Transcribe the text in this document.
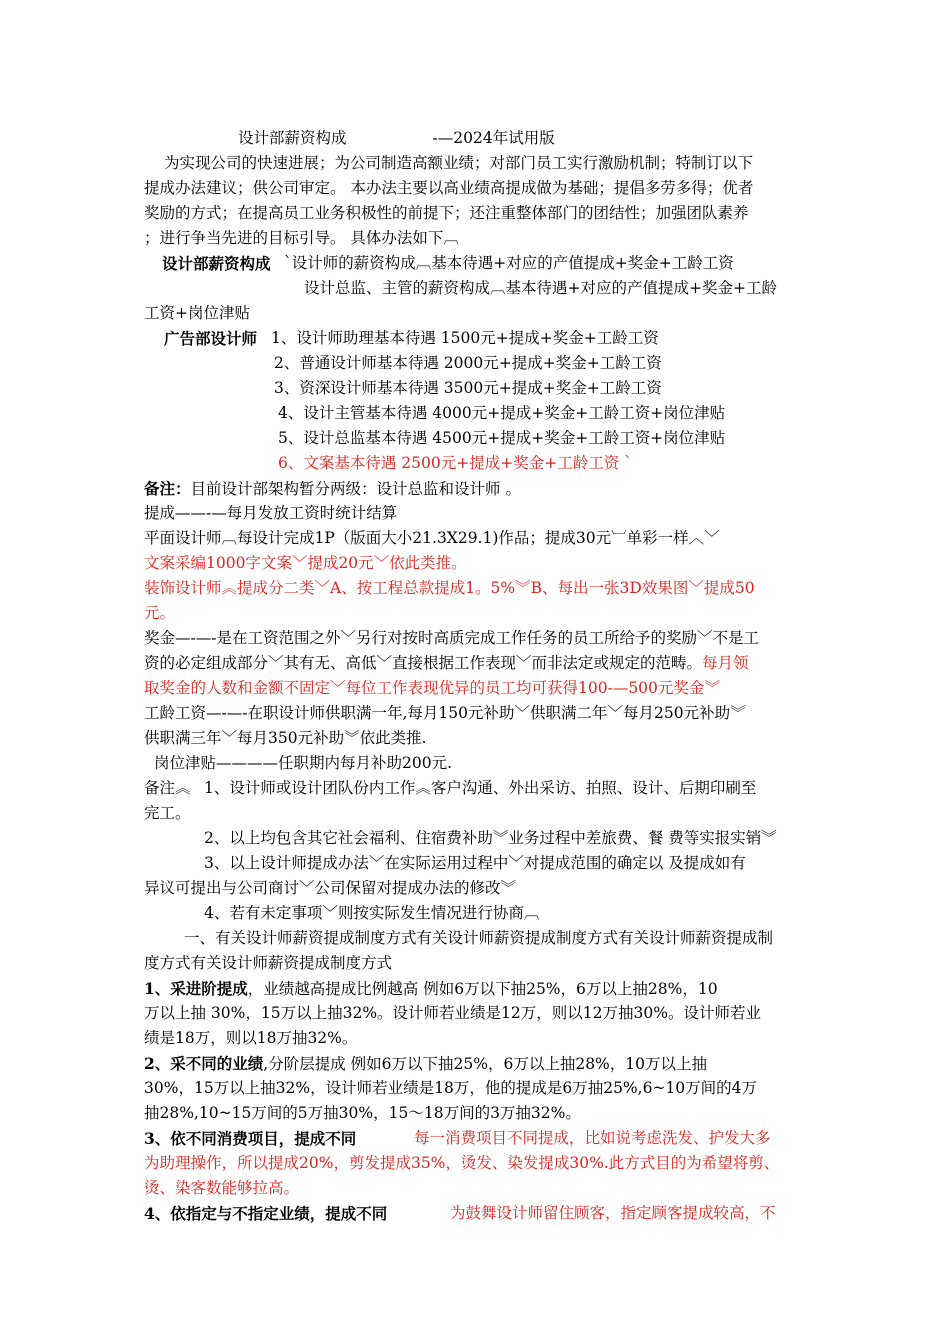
设计部薪资构成	-—2024年试用版
为实现公司的快速进展；为公司制造高额业绩；对部门员工实行激励机制；特制订以下
提成办法建议；供公司审定。 本办法主要以高业绩高提成做为基础；提倡多劳多得；优者
奖励的方式；在提高员工业务积极性的前提下；还注重整体部门的团结性；加强团队素养
；进行争当先进的目标引导。 具体办法如下︹
设计部薪资构成 `设计师的薪资构成︹基本待遇+对应的产值提成+奖金+工龄工资
设计总监、主管的薪资构成︹基本待遇+对应的产值提成+奖金+工龄
工资+岗位津贴
广告部设计师 1、设计师助理基本待遇 1500元+提成+奖金+工龄工资
2、普通设计师基本待遇 2000元+提成+奖金+工龄工资
3、资深设计师基本待遇 3500元+提成+奖金+工龄工资
4、设计主管基本待遇 4000元+提成+奖金+工龄工资+岗位津贴
5、设计总监基本待遇 4500元+提成+奖金+工龄工资+岗位津贴
6、文案基本待遇 2500元+提成+奖金+工龄工资 `
备注：目前设计部架构暂分两级：设计总监和设计师 。
提成——-—每月发放工资时统计结算
平面设计师︹每设计完成1P（版面大小21.3X29.1)作品；提成30元︺单彩一样︿﹀
文案采编1000字文案﹀提成20元﹀依此类推。
装饰设计师︽提成分二类﹀A、按工程总款提成1。5%︾B、每出一张3D效果图﹀提成50
元。
奖金—-—-是在工资范围之外﹀另行对按时高质完成工作任务的员工所给予的奖励﹀不是工
资的必定组成部分﹀其有无、高低﹀直接根据工作表现﹀而非法定或规定的范畴。每月领
取奖金的人数和金额不固定﹀每位工作表现优异的员工均可获得100-—500元奖金︾
工龄工资—-—-在职设计师供职满一年,每月150元补助﹀供职满二年﹀每月250元补助︾
供职满三年﹀每月350元补助︾依此类推.
岗位津贴————任职期内每月补助200元.
备注︽ 1、设计师或设计团队份内工作︽客户沟通、外出采访、拍照、设计、后期印刷至
完工。
2、以上均包含其它社会福利、住宿费补助︾业务过程中差旅费、餐 费等实报实销︾
3、以上设计师提成办法﹀在实际运用过程中﹀对提成范围的确定以 及提成如有
异议可提出与公司商讨﹀公司保留对提成办法的修改︾
4、若有未定事项﹀则按实际发生情况进行协商︹
一、有关设计师薪资提成制度方式有关设计师薪资提成制度方式有关设计师薪资提成制
度方式有关设计师薪资提成制度方式
1、采进阶提成，业绩越高提成比例越高 例如6万以下抽25%，6万以上抽28%，10
万以上抽 30%，15万以上抽32%。设计师若业绩是12万，则以12万抽30%。设计师若业
绩是18万，则以18万抽32%。
2、采不同的业绩,分阶层提成 例如6万以下抽25%，6万以上抽28%，10万以上抽
30%，15万以上抽32%，设计师若业绩是18万，他的提成是6万抽25%,6~10万间的4万
抽28%,10~15万间的5万抽30%，15～18万间的3万抽32%。
3、依不同消费项目，提成不同	每一消费项目不同提成，比如说考虑洗发、护发大多
为助理操作，所以提成20%，剪发提成35%，烫发、染发提成30%.此方式目的为希望将剪、
烫、染客数能够拉高。
4、依指定与不指定业绩，提成不同	为鼓舞设计师留住顾客，指定顾客提成较高，不
